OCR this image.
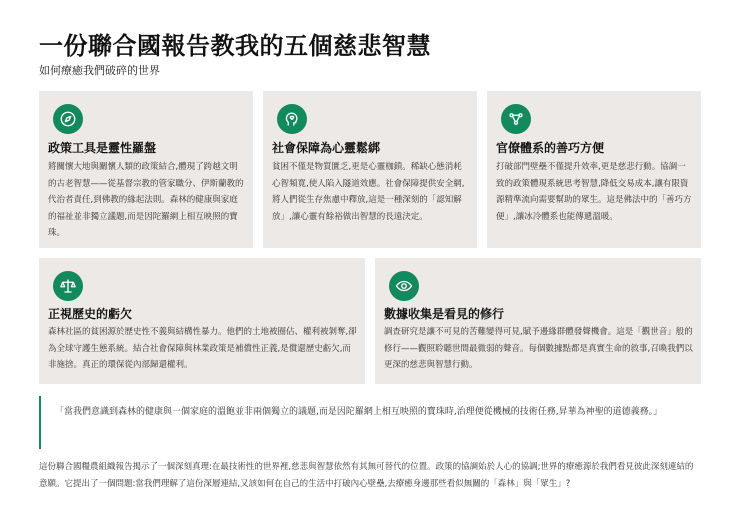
一份聯合國報告教我的五個慈悲智慧

如何療癒我們破碎的世界

政策工具是靈性羅盤

將關懷大地與關懷人類的政策結合,體現了跨越文明的古老智慧——從基督宗教的管家職分、伊斯蘭教的代治者責任,到佛教的緣起法則。森林的健康與家庭的福祉並非獨立議題,而是因陀羅網上相互映照的寶珠。

社會保障為心靈鬆綁

貧困不僅是物質匱乏,更是心靈枷鎖。稀缺心態消耗心智頻寬,使人陷入隧道效應。社會保障提供安全網,將人們從生存焦慮中釋放,這是一種深刻的「認知解放」,讓心靈有餘裕做出智慧的長遠決定。

官僚體系的善巧方便

打破部門壁壘不僅提升效率,更是慈悲行動。協調一致的政策體現系統思考智慧,降低交易成本,讓有限資源精準流向需要幫助的眾生。這是佛法中的「善巧方便」,讓冰冷體系也能傳遞溫暖。

正視歷史的虧欠

森林社區的貧困源於歷史性不義與結構性暴力。他們的土地被圈佔、權利被剝奪,卻為全球守護生態系統。結合社會保障與林業政策是補償性正義,是償還歷史虧欠,而非施捨。真正的環保從內部歸還權利。

數據收集是看見的修行

調查研究是讓不可見的苦難變得可見,賦予邊緣群體發聲機會。這是「觀世音」般的修行——觀照聆聽世間最微弱的聲音。每個數據點都是真實生命的敘事,召喚我們以更深的慈悲與智慧行動。

「當我們意識到森林的健康與一個家庭的溫飽並非兩個獨立的議題,而是因陀羅網上相互映照的寶珠時,治理便從機械的技術任務,昇華為神聖的道德義務。」

這份聯合國糧農組織報告揭示了一個深刻真理:在最技術性的世界裡,慈悲與智慧依然有其無可替代的位置。政策的協調始於人心的協調;世界的療癒源於我們看見彼此深刻連結的意願。它提出了一個問題:當我們理解了這份深層連結,又該如何在自己的生活中打破內心壁壘,去療癒身邊那些看似無關的「森林」與「眾生」?
